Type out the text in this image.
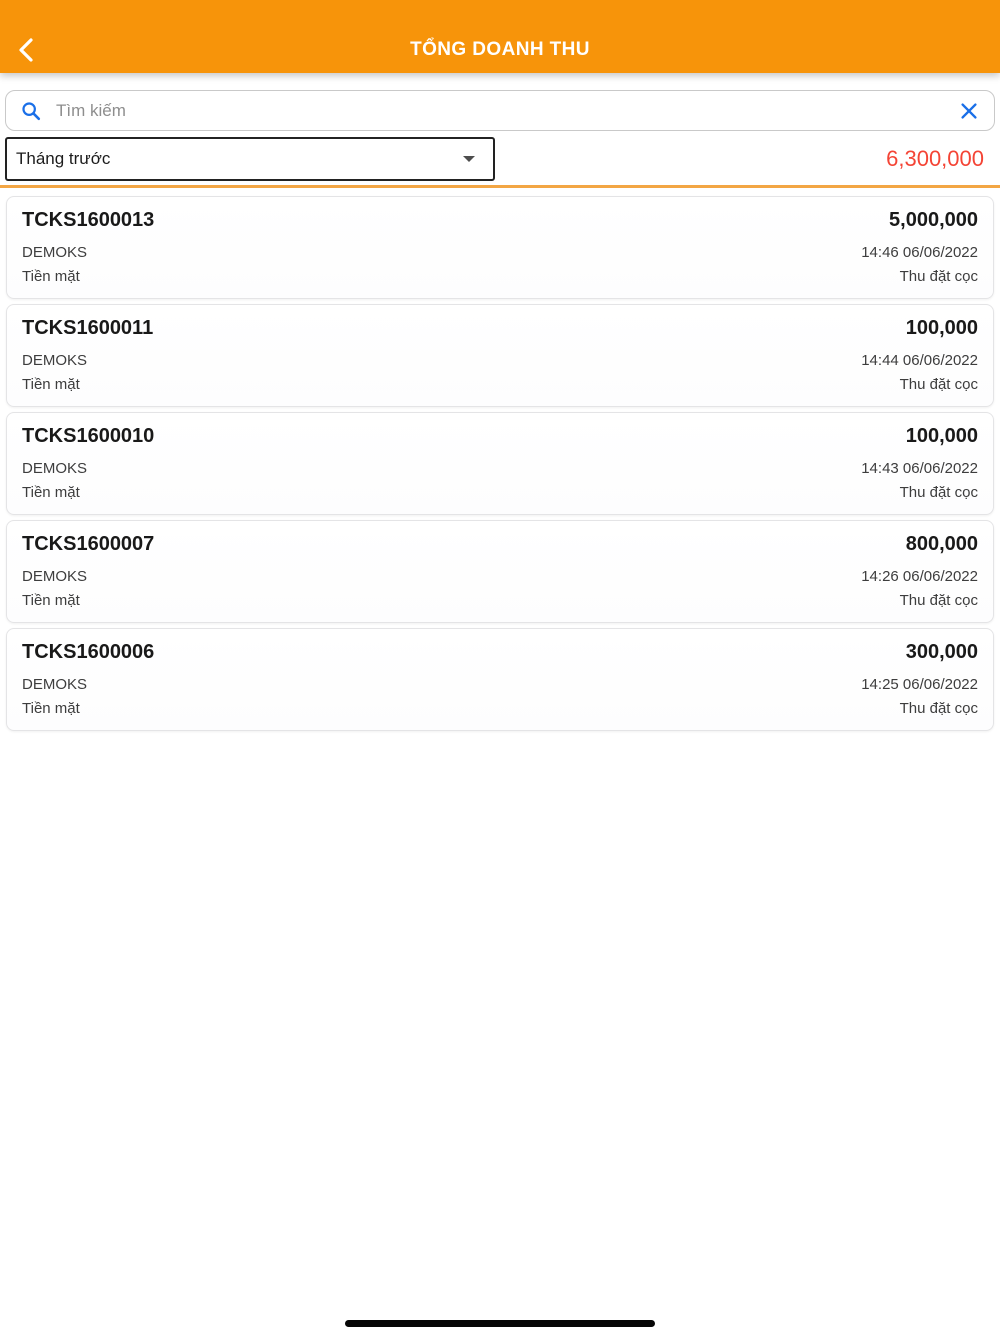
TỔNG DOANH THU
Tìm kiếm
Tháng trước	6,300,000
TCKS1600013	5,000,000
DEMOKS	14:46 06/06/2022
Tiền mặt	Thu đặt cọc
TCKS1600011	100,000
DEMOKS	14:44 06/06/2022
Tiền mặt	Thu đặt cọc
TCKS1600010	100,000
DEMOKS	14:43 06/06/2022
Tiền mặt	Thu đặt cọc
TCKS1600007	800,000
DEMOKS	14:26 06/06/2022
Tiền mặt	Thu đặt cọc
TCKS1600006	300,000
DEMOKS	14:25 06/06/2022
Tiền mặt	Thu đặt cọc
